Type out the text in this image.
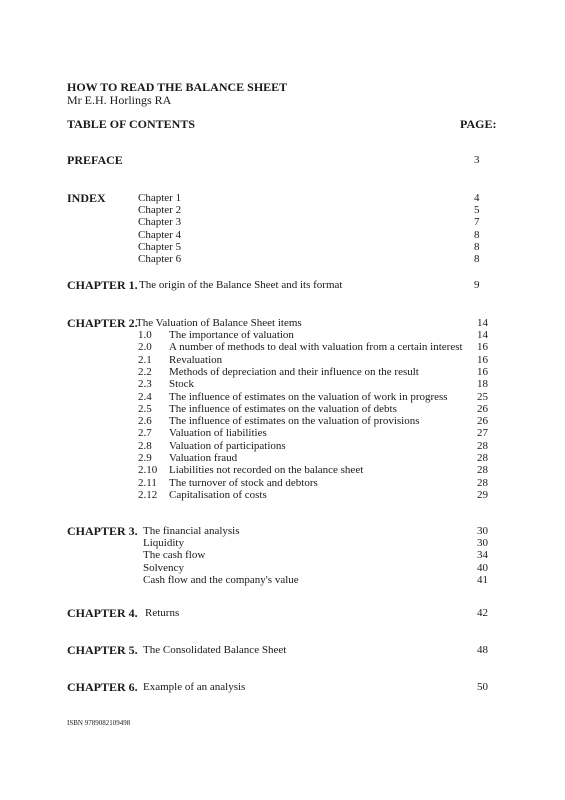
HOW TO READ THE BALANCE SHEET
Mr E.H. Horlings RA
TABLE OF CONTENTS	PAGE:
PREFACE	3
INDEX	Chapter 1	4
Chapter 2	5
Chapter 3	7
Chapter 4	8
Chapter 5	8
Chapter 6	8
CHAPTER 1. The origin of the Balance Sheet and its format	9
CHAPTER 2.
The Valuation of Balance Sheet items	14
1.0 The importance of valuation	14
2.0 A number of methods to deal with valuation from a certain interest 16
2.1 Revaluation	16
2.2 Methods of depreciation and their influence on the result	16
2.3 Stock	18
2.4 The influence of estimates on the valuation of work in progress	25
2.5 The influence of estimates on the valuation of debts	26
2.6 The influence of estimates on the valuation of provisions	26
2.7 Valuation of liabilities	27
2.8 Valuation of participations	28
2.9 Valuation fraud	28
2.10 Liabilities not recorded on the balance sheet	28
2.11 The turnover of stock and debtors	28
2.12 Capitalisation of costs	29
CHAPTER 3. The financial analysis	30
Liquidity	30
The cash flow	34
Solvency	40
Cash flow and the company's value	41
CHAPTER 4. Returns	42
CHAPTER 5. The Consolidated Balance Sheet	48
CHAPTER 6. Example of an analysis	50
ISBN 9789082109498
